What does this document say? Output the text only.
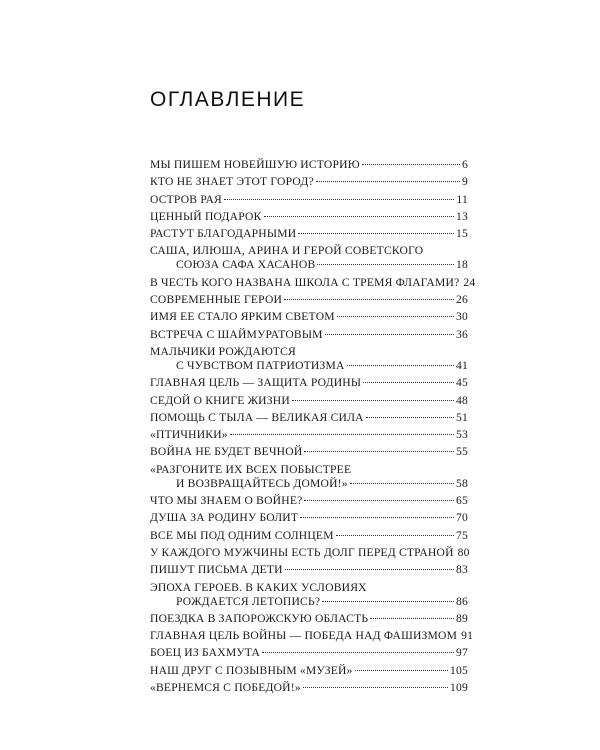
ОГЛАВЛЕНИЕ
МЫ ПИШЕМ НОВЕЙШУЮ ИСТОРИЮ	6
КТО НЕ ЗНАЕТ ЭТОТ ГОРОД?	9
ОСТРОВ РАЯ	11
ЦЕННЫЙ ПОДАРОК	13
РАСТУТ БЛАГОДАРНЫМИ	15
САША, ИЛЮША, АРИНА И ГЕРОЙ СОВЕТСКОГО
СОЮЗА САФА ХАСАНОВ	18
В ЧЕСТЬ КОГО НАЗВАНА ШКОЛА С ТРЕМЯ ФЛАГАМИ? 24
СОВРЕМЕННЫЕ ГЕРОИ	26
ИМЯ ЕЕ СТАЛО ЯРКИМ СВЕТОМ	30
ВСТРЕЧА С ШАЙМУРАТОВЫМ	36
МАЛЬЧИКИ РОЖДАЮТСЯ
С ЧУВСТВОМ ПАТРИОТИЗМА	41
ГЛАВНАЯ ЦЕЛЬ — ЗАЩИТА РОДИНЫ	45
СЕДОЙ О КНИГЕ ЖИЗНИ	48
ПОМОЩЬ С ТЫЛА — ВЕЛИКАЯ СИЛА	51
«ПТИЧНИКИ»	53
ВОЙНА НЕ БУДЕТ ВЕЧНОЙ	55
«РАЗГОНИТЕ ИХ ВСЕХ ПОБЫСТРЕЕ
И ВОЗВРАЩАЙТЕСЬ ДОМОЙ!»	58
ЧТО МЫ ЗНАЕМ О ВОЙНЕ?	65
ДУША ЗА РОДИНУ БОЛИТ	70
ВСЕ МЫ ПОД ОДНИМ СОЛНЦЕМ	75
У КАЖДОГО МУЖЧИНЫ ЕСТЬ ДОЛГ ПЕРЕД СТРАНОЙ 80
ПИШУТ ПИСЬМА ДЕТИ	83
ЭПОХА ГЕРОЕВ. В КАКИХ УСЛОВИЯХ
РОЖДАЕТСЯ ЛЕТОПИСЬ?	86
ПОЕЗДКА В ЗАПОРОЖСКУЮ ОБЛАСТЬ	89
ГЛАВНАЯ ЦЕЛЬ ВОЙНЫ — ПОБЕДА НАД ФАШИЗМОМ 91
БОЕЦ ИЗ БАХМУТА	97
НАШ ДРУГ С ПОЗЫВНЫМ «МУЗЕЙ»	105
«ВЕРНЕМСЯ С ПОБЕДОЙ!»	109
